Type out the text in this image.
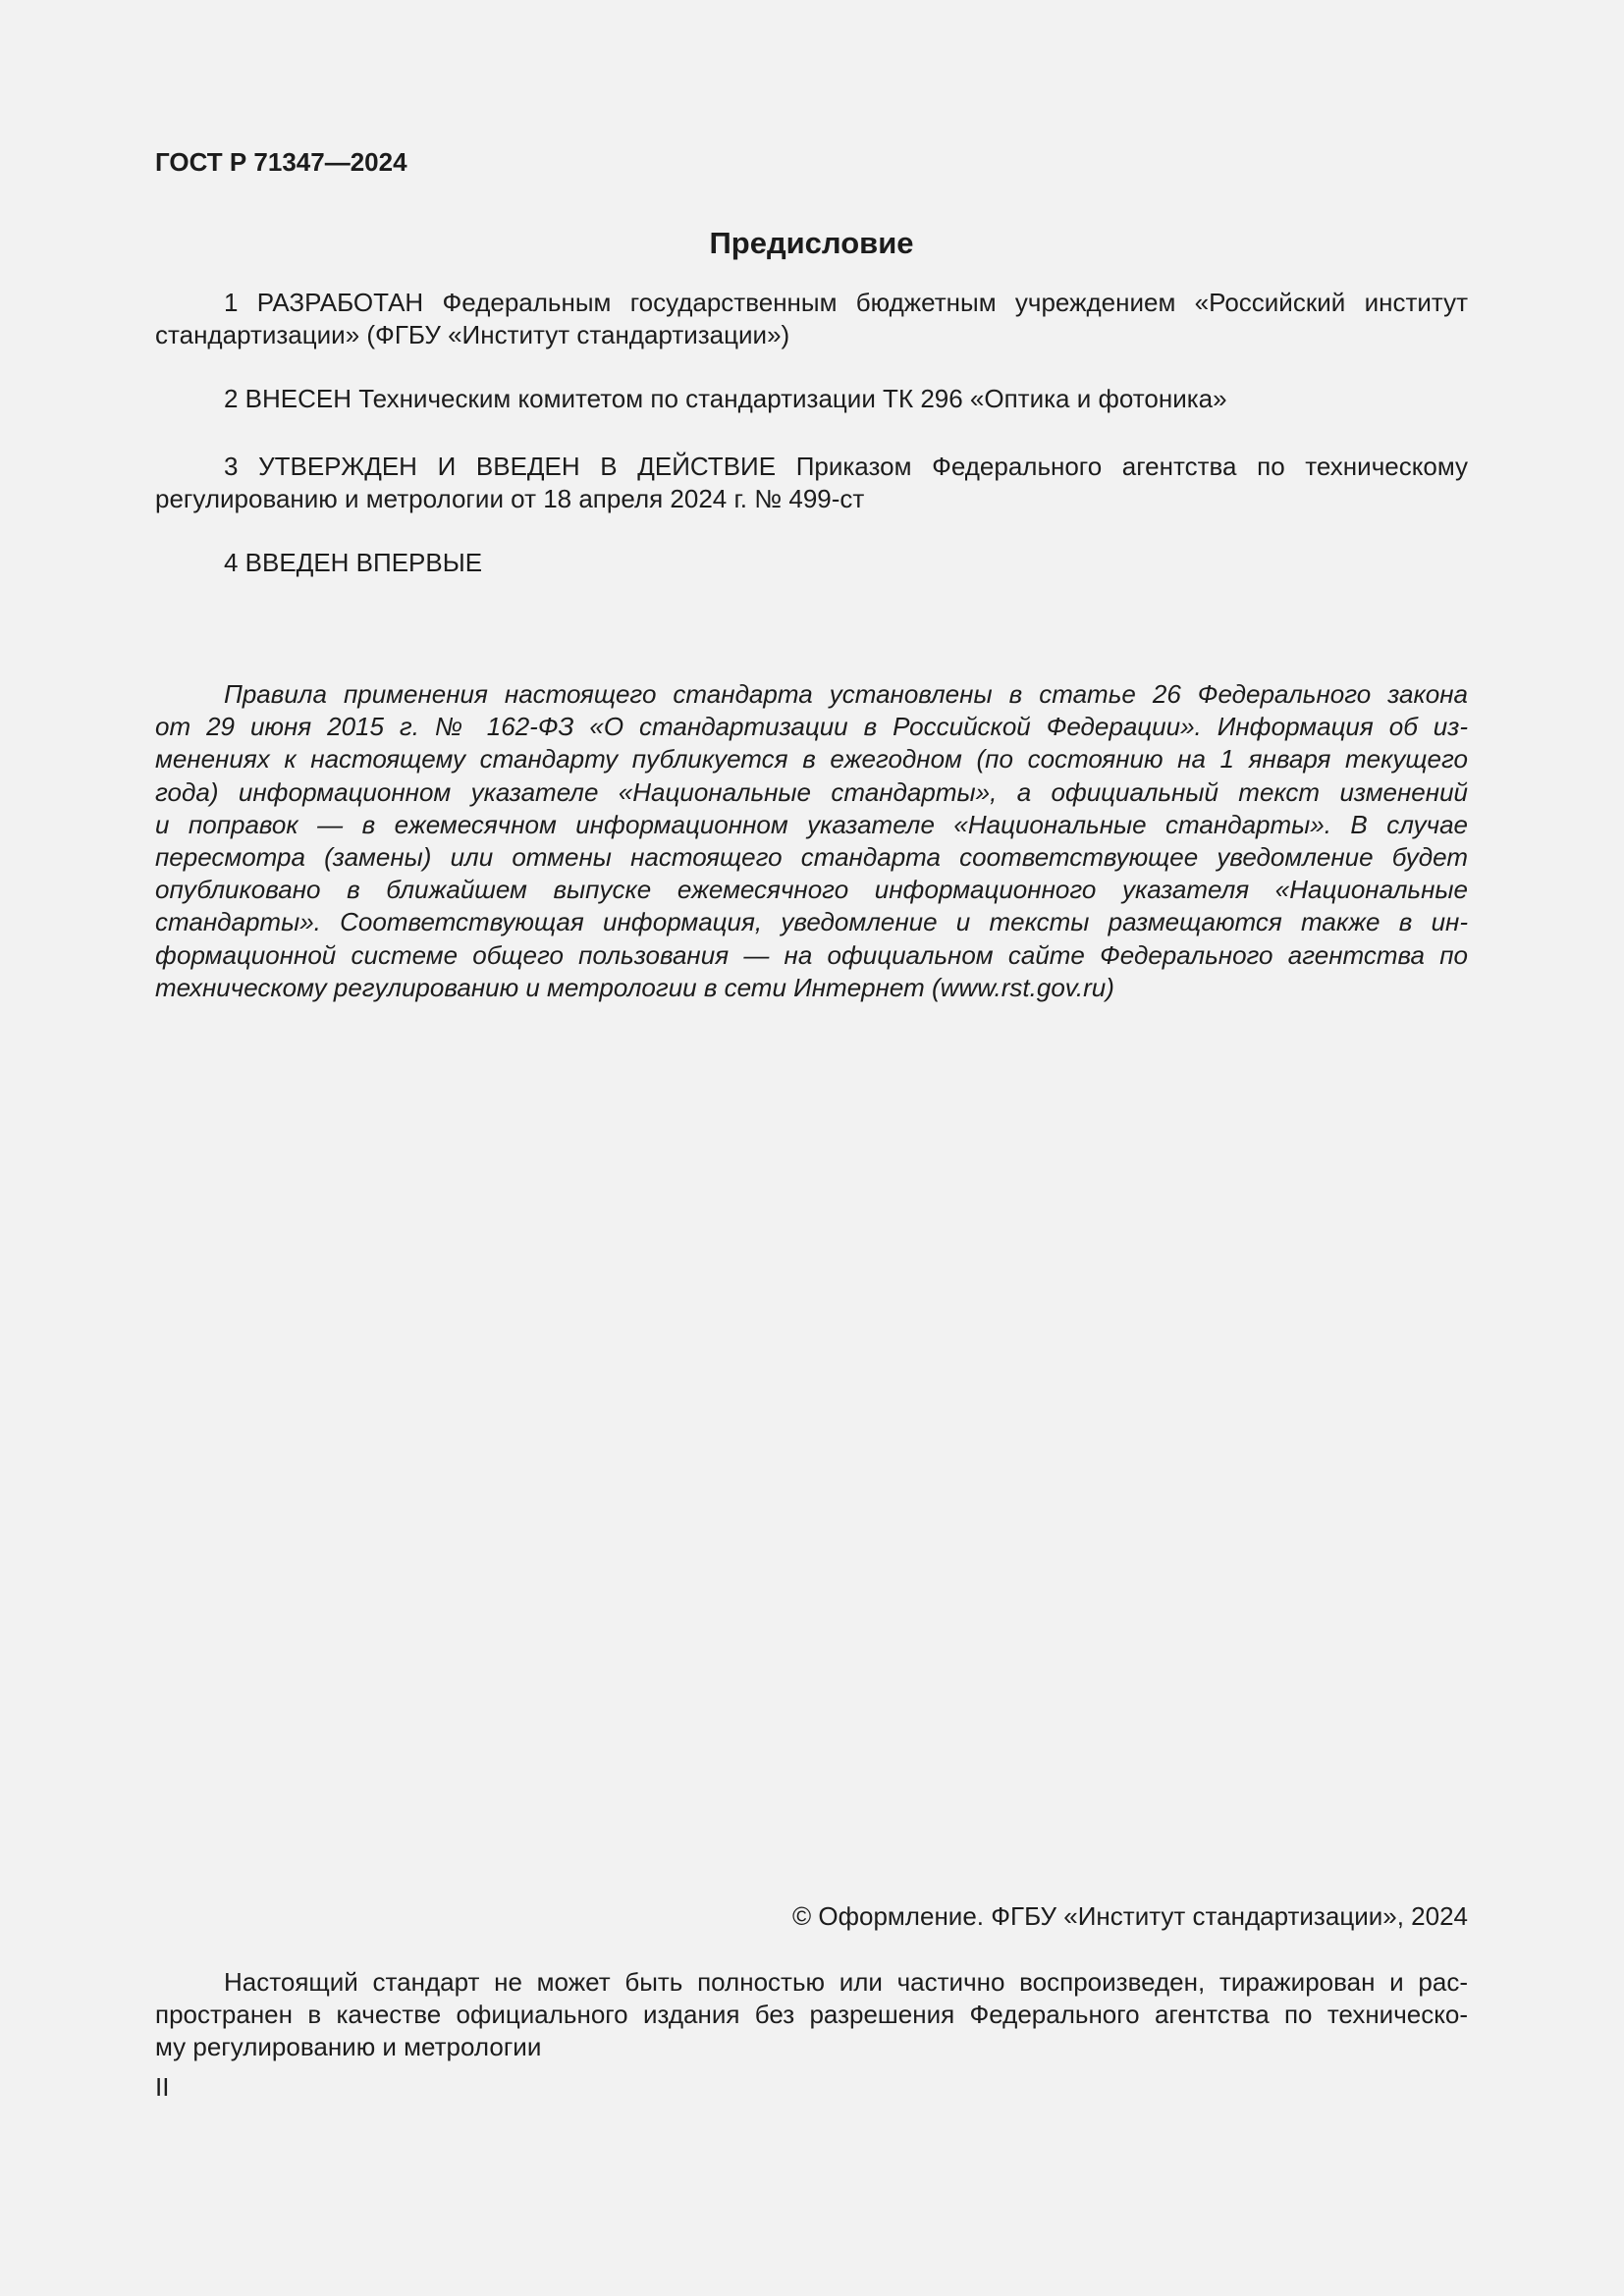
ГОСТ Р 71347—2024
Предисловие
1 РАЗРАБОТАН Федеральным государственным бюджетным учреждением «Российский институт
стандартизации» (ФГБУ «Институт стандартизации»)
2 ВНЕСЕН Техническим комитетом по стандартизации ТК 296 «Оптика и фотоника»
3 УТВЕРЖДЕН И ВВЕДЕН В ДЕЙСТВИЕ Приказом Федерального агентства по техническому
регулированию и метрологии от 18 апреля 2024 г. № 499-ст
4 ВВЕДЕН ВПЕРВЫЕ
Правила применения настоящего стандарта установлены в статье 26 Федерального закона
от 29 июня 2015 г. № 162-ФЗ «О стандартизации в Российской Федерации». Информация об из-
менениях к настоящему стандарту публикуется в ежегодном (по состоянию на 1 января текущего
года) информационном указателе «Национальные стандарты», а официальный текст изменений
и поправок — в ежемесячном информационном указателе «Национальные стандарты». В случае
пересмотра (замены) или отмены настоящего стандарта соответствующее уведомление будет
опубликовано в ближайшем выпуске ежемесячного информационного указателя «Национальные
стандарты». Соответствующая информация, уведомление и тексты размещаются также в ин-
формационной системе общего пользования — на официальном сайте Федерального агентства по
техническому регулированию и метрологии в сети Интернет (www.rst.gov.ru)
© Оформление. ФГБУ «Институт стандартизации», 2024
Настоящий стандарт не может быть полностью или частично воспроизведен, тиражирован и рас-
пространен в качестве официального издания без разрешения Федерального агентства по техническо-
му регулированию и метрологии
II
